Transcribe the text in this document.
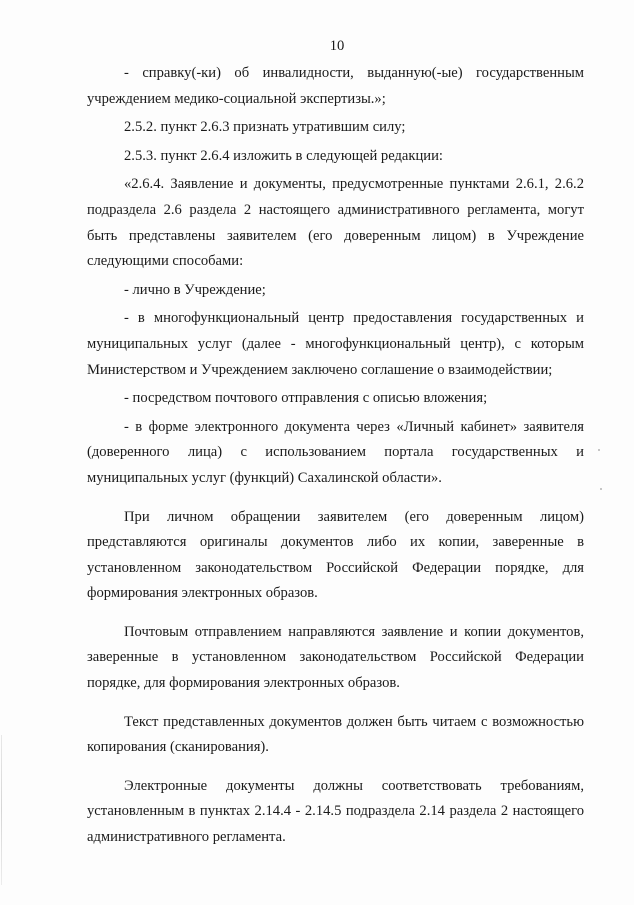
10

- справку(-ки) об инвалидности, выданную(-ые) государственным учреждением медико-социальной экспертизы.»;

2.5.2. пункт 2.6.3 признать утратившим силу;

2.5.3. пункт 2.6.4 изложить в следующей редакции:

«2.6.4. Заявление и документы, предусмотренные пунктами 2.6.1, 2.6.2 подраздела 2.6 раздела 2 настоящего административного регламента, могут быть представлены заявителем (его доверенным лицом) в Учреждение следующими способами:

- лично в Учреждение;

- в многофункциональный центр предоставления государственных и муниципальных услуг (далее - многофункциональный центр), с которым Министерством и Учреждением заключено соглашение о взаимодействии;

- посредством почтового отправления с описью вложения;

- в форме электронного документа через «Личный кабинет» заявителя (доверенного лица) с использованием портала государственных и муниципальных услуг (функций) Сахалинской области».

При личном обращении заявителем (его доверенным лицом) представляются оригиналы документов либо их копии, заверенные в установленном законодательством Российской Федерации порядке, для формирования электронных образов.

Почтовым отправлением направляются заявление и копии документов, заверенные в установленном законодательством Российской Федерации порядке, для формирования электронных образов.

Текст представленных документов должен быть читаем с возможностью копирования (сканирования).

Электронные документы должны соответствовать требованиям, установленным в пунктах 2.14.4 - 2.14.5 подраздела 2.14 раздела 2 настоящего административного регламента.
